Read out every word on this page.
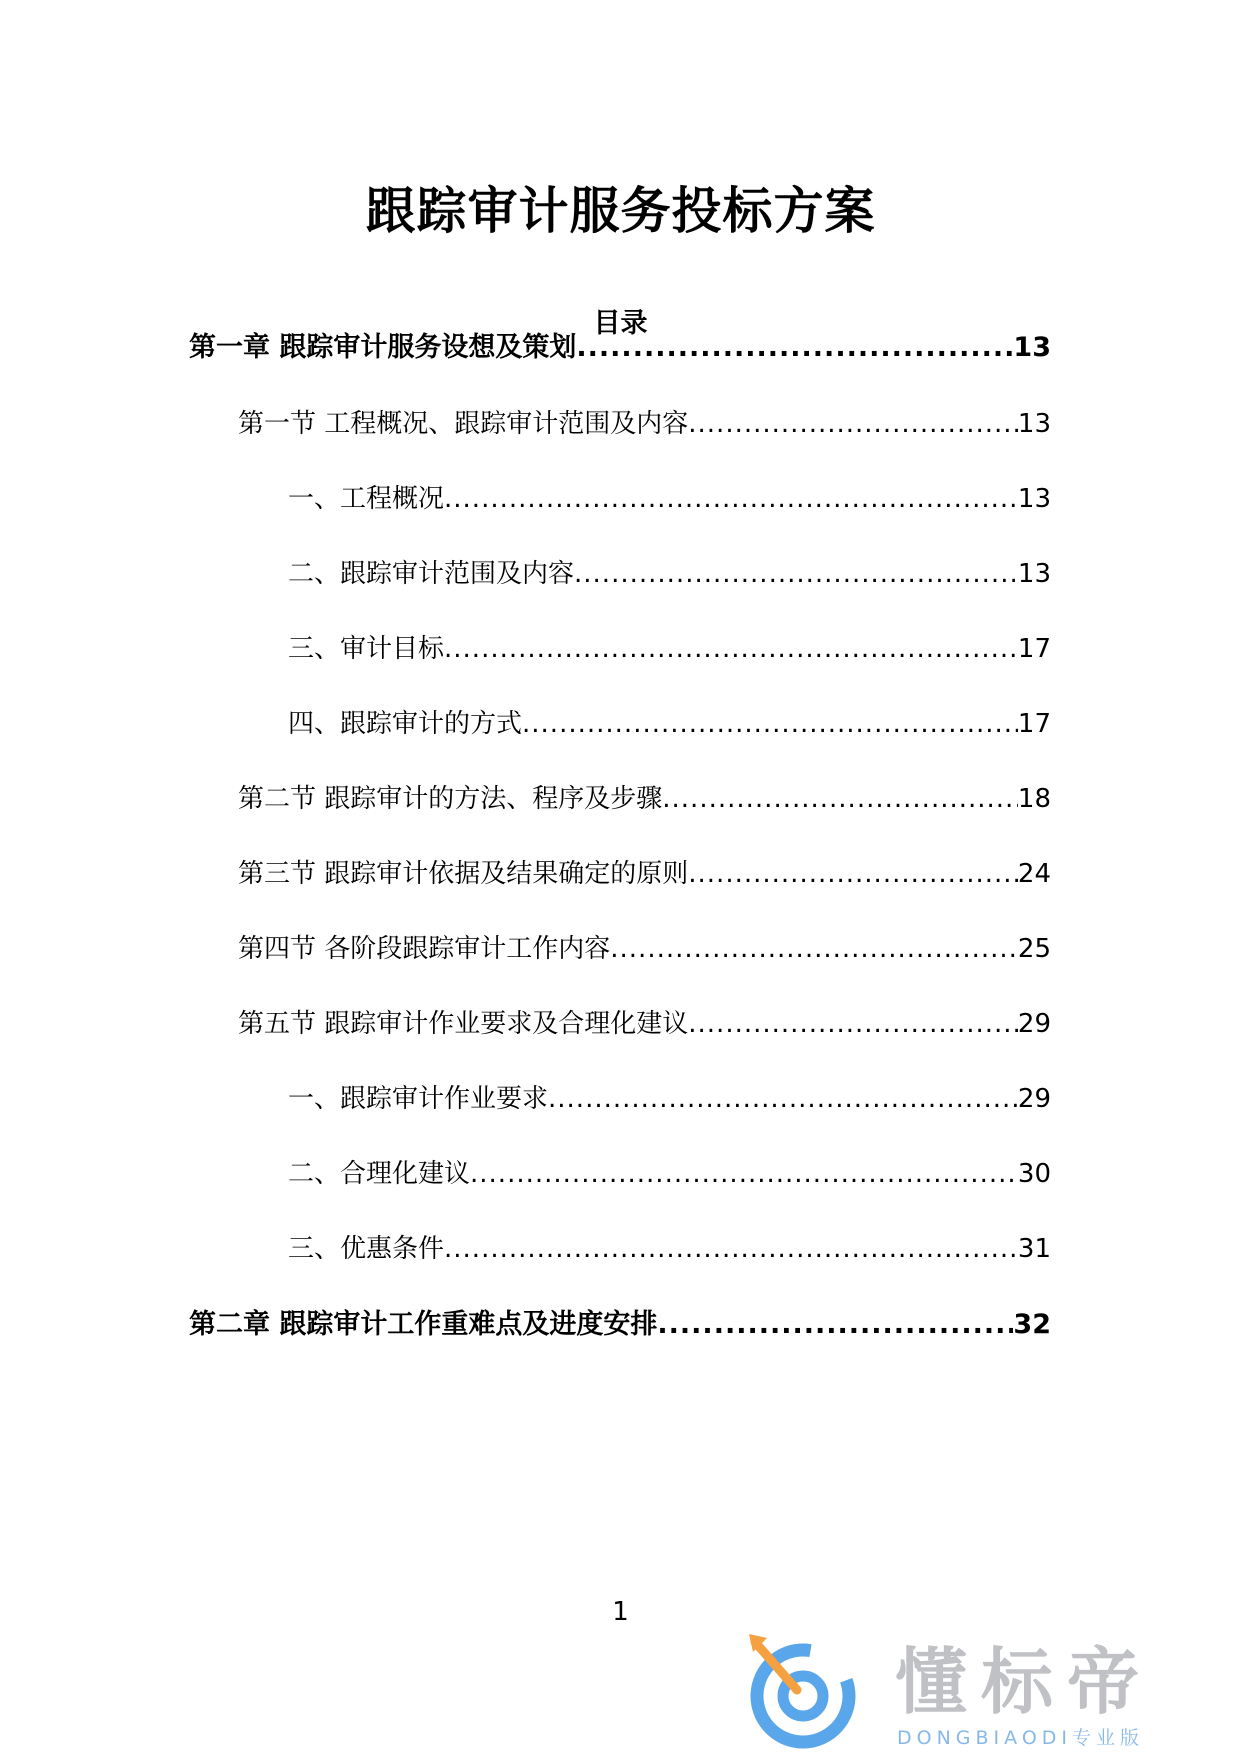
跟踪审计服务投标方案
目录
第一章 跟踪审计服务设想及策划 .....	13
第一节 工程概况、跟踪审计范围及内容 .....	13
一、工程概况 .....	13
二、跟踪审计范围及内容 .....	13
三、审计目标 .....	17
四、跟踪审计的方式 .....	17
第二节 跟踪审计的方法、程序及步骤 .....	18
第三节 跟踪审计依据及结果确定的原则 .....	24
第四节 各阶段跟踪审计工作内容 .....	25
第五节 跟踪审计作业要求及合理化建议 .....	29
一、跟踪审计作业要求 .....	29
二、合理化建议 .....	30
三、优惠条件 .....	31
第二章 跟踪审计工作重难点及进度安排 .....	32
1
懂标帝
DONGBIAODI专业版
